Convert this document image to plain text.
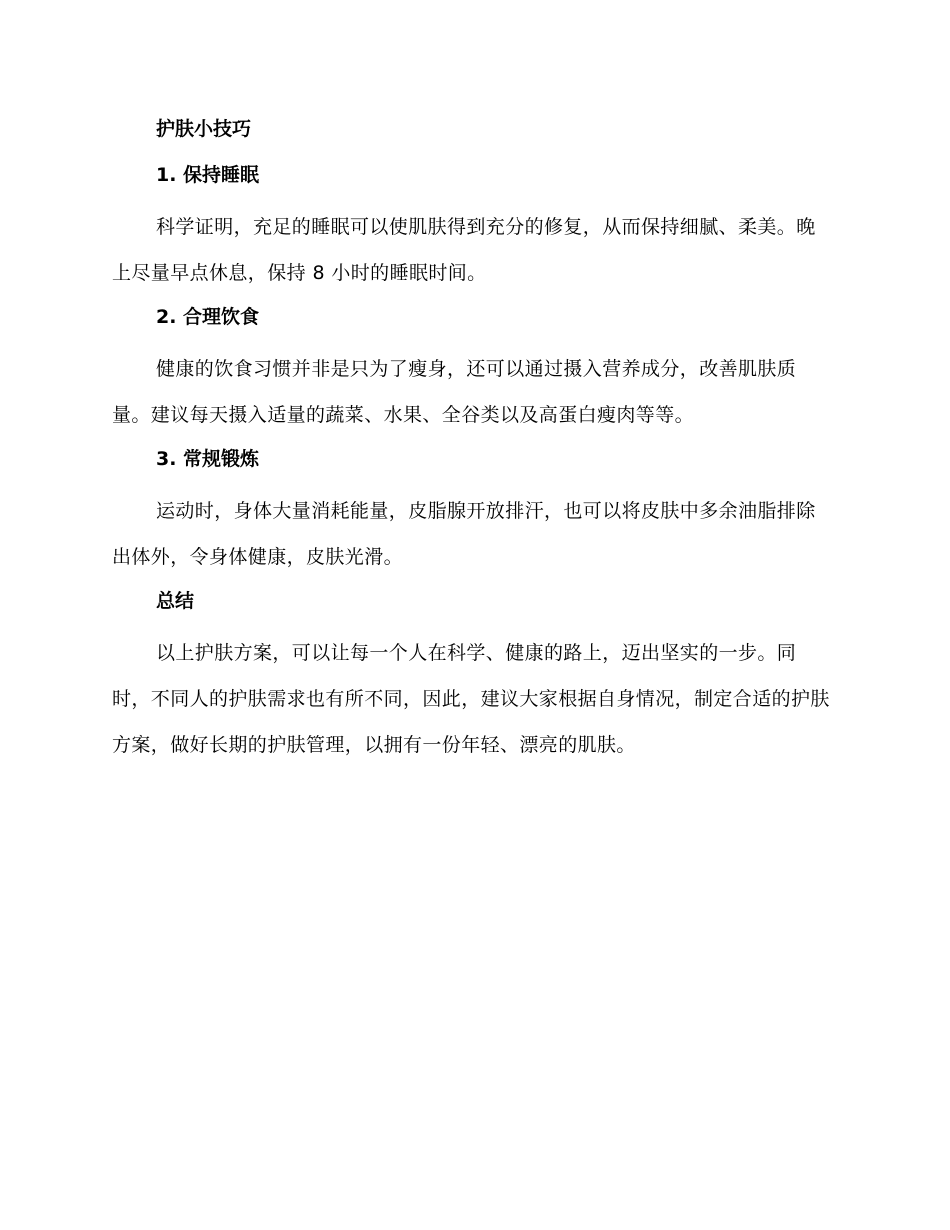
护肤小技巧
1. 保持睡眠

科学证明，充足的睡眠可以使肌肤得到充分的修复，从而保持细腻、柔美。晚上尽量早点休息，保持 8 小时的睡眠时间。

2. 合理饮食

健康的饮食习惯并非是只为了瘦身，还可以通过摄入营养成分，改善肌肤质量。建议每天摄入适量的蔬菜、水果、全谷类以及高蛋白瘦肉等等。

3. 常规锻炼

运动时，身体大量消耗能量，皮脂腺开放排汗，也可以将皮肤中多余油脂排除出体外，令身体健康，皮肤光滑。

总结

以上护肤方案，可以让每一个人在科学、健康的路上，迈出坚实的一步。同时，不同人的护肤需求也有所不同，因此，建议大家根据自身情况，制定合适的护肤方案，做好长期的护肤管理，以拥有一份年轻、漂亮的肌肤。
